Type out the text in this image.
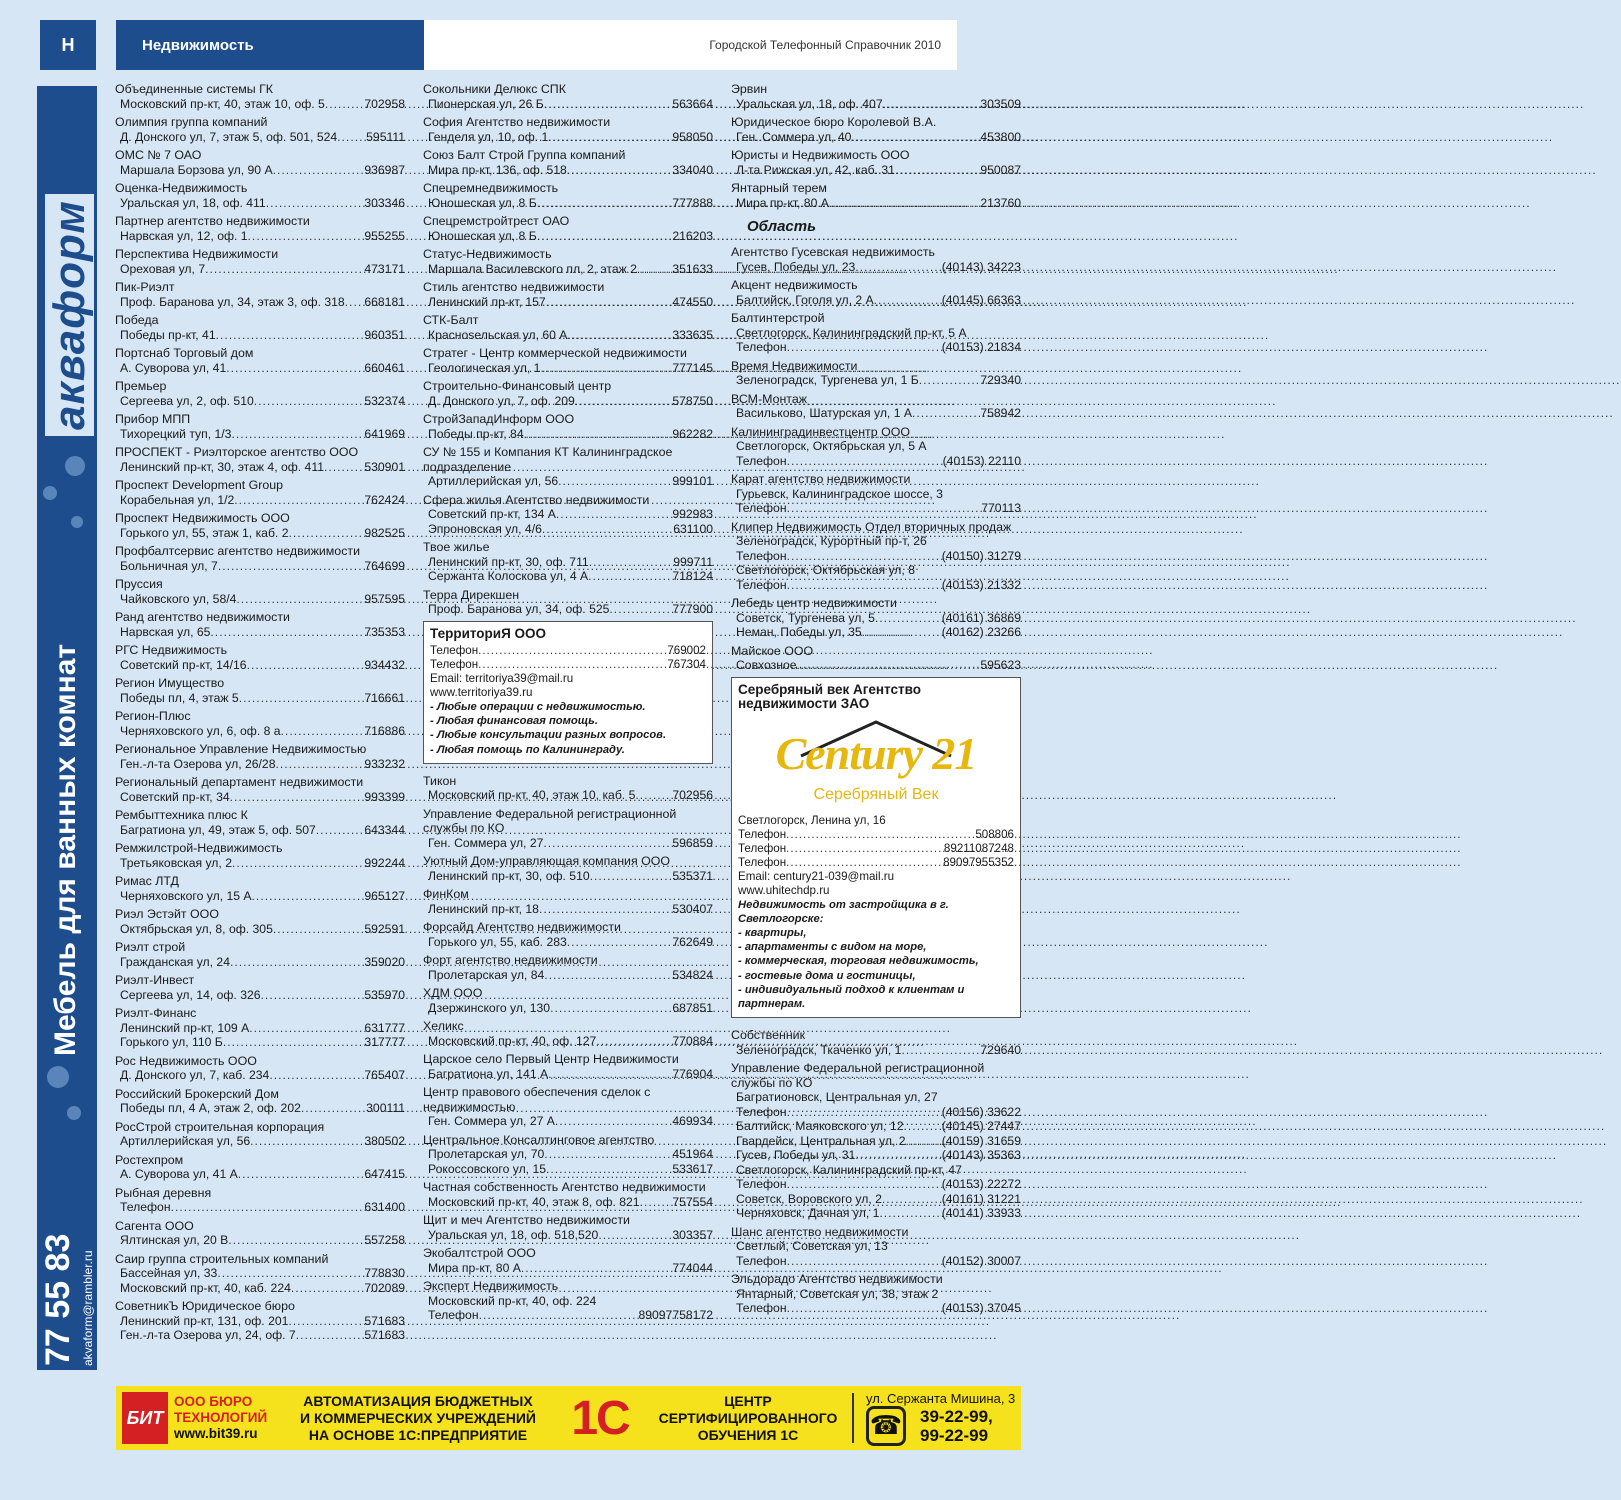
Н	Недвижимость	Городской Телефонный Справочник 2010
акваформ
Мебель для ванных комнат
77 55 83 akvaform@rambler.ru
Объединенные системы ГК
Московский пр-кт, 40, этаж 10, оф. 5 .....	702958
Олимпия группа компаний
Д. Донского ул, 7, этаж 5, оф. 501, 524 ..... 595111
ОМС № 7 ОАО
Маршала Борзова ул, 90 А .....	936987
Оценка-Недвижимость
Уральская ул, 18, оф. 411 .....	303346
Партнер агентство недвижимости
Нарвская ул, 12, оф. 1 .....	955255
Перспектива Недвижимости
Ореховая ул, 7 .....	473171
Пик-Риэлт
Проф. Баранова ул, 34, этаж 3, оф. 318 ..... 668181
Победа
Победы пр-кт, 41 .....	960351
Портснаб Торговый дом
А. Суворова ул, 41 .....	660461
Премьер
Сергеева ул, 2, оф. 510 .....	532374
Прибор МПП
Тихорецкий туп, 1/3 .....	641969
ПРОСПЕКТ - Риэлторское агентство ООО
Ленинский пр-кт, 30, этаж 4, оф. 411 .....	530901
Проспект Development Group
Корабельная ул, 1/2 .....	762424
Проспект Недвижимость ООО
Горького ул, 55, этаж 1, каб. 2 .....	982525
Профбалтсервис агентство недвижимости
Больничная ул, 7 .....	764699
Пруссия
Чайковского ул, 58/4 .....	957595
Ранд агентство недвижимости
Нарвская ул, 65 .....	735353
РГС Недвижимость
Советский пр-кт, 14/16 .....	934432
Регион Имущество
Победы пл, 4, этаж 5 .....	716661
Регион-Плюс
Черняховского ул, 6, оф. 8 а .....	716886
Региональное Управление Недвижимостью
Ген.-л-та Озерова ул, 26/28 .....	933232
Региональный департамент недвижимости
Советский пр-кт, 34 .....	993399
Рембыттехника плюс К
Багратиона ул, 49, этаж 5, оф. 507 .....	643344
Ремжилстрой-Недвижимость
Третьяковская ул, 2 .....	992244
Римас ЛТД
Черняховского ул, 15 А .....	965127
Риэл Эстэйт ООО
Октябрьская ул, 8, оф. 305 .....	592591
Риэлт строй
Гражданская ул, 24 .....	359020
Риэлт-Инвест
Сергеева ул, 14, оф. 326 .....	535970
Риэлт-Финанс
Ленинский пр-кт, 109 А .....	631777
Горького ул, 110 Б .....	317777
Рос Недвижимость ООО
Д. Донского ул, 7, каб. 234 .....	765407
Российский Брокерский Дом
Победы пл, 4 А, этаж 2, оф. 202 .....	300111
РосСтрой строительная корпорация
Артиллерийская ул, 56 .....	380502
Ростехпром
А. Суворова ул, 41 А .....	647415
Рыбная деревня
Телефон .....	631400
Сагента ООО
Ялтинская ул, 20 В .....	557258
Саир группа строительных компаний
Бассейная ул, 33 .....	778830
Московский пр-кт, 40, каб. 224 .....	702089
СоветникЪ Юридическое бюро
Ленинский пр-кт, 131, оф. 201 .....	571683
Ген.-л-та Озерова ул, 24, оф. 7 .....	571683
Сокольники Делюкс СПК
Пионерская ул, 26 Б .....	563664
София Агентство недвижимости
Генделя ул, 10, оф. 1 .....	958050
Союз Балт Строй Группа компаний
Мира пр-кт, 136, оф. 518 .....	334040
Спецремнедвижимость
Юношеская ул, 8 Б .....	777888
Спецремстройтрест ОАО
Юношеская ул, 8 Б .....	216203
Статус-Недвижимость
Маршала Василевского пл, 2, этаж 2 .....	351633
Стиль агентство недвижимости
Ленинский пр-кт, 157 .....	474550
СТК-Балт
Краснosельская ул, 60 А .....	333635
Стратег - Центр коммерческой недвижимости
Геологическая ул, 1 .....	777145
Строительно-Финансовый центр
Д. Донского ул, 7, оф. 209 .....	578750
СтройЗападИнформ ООО
Победы пр-кт, 84 .....	962282
СУ № 155 и Компания КТ Калининградское подразделение
Артиллерийская ул, 56 .....	999101
Сфера жилья Агентство недвижимости
Советский пр-кт, 134 А .....	992983
Эпроновская ул, 4/6 .....	631100
Твое жилье
Ленинский пр-кт, 30, оф. 711 .....	999711
Сержанта Колоскова ул, 4 А .....	718124
Терра Дирекшен
Проф. Баранова ул, 34, оф. 525 .....	777900
ТерриториЯ ООО
Телефон .....	769002
Телефон .....	767304
Email: territoriya39@mail.ru
www.territoriya39.ru
- Любые операции с недвижимостью.
- Любая финансовая помощь.
- Любые консультации разных вопросов.
- Любая помощь по Калининграду.
Тикон
Московский пр-кт, 40, этаж 10, каб. 5 .....	702956
Управление Федеральной регистрационной службы по КО
Ген. Соммера ул, 27 .....	596859
Уютный Дом-управляющая компания ООО
Ленинский пр-кт, 30, оф. 510 .....	535371
ФинКом
Ленинский пр-кт, 18 .....	530407
Форсайд Агентство недвижимости
Горького ул, 55, каб. 283 .....	762649
Форт агентство недвижимости
Пролетарская ул, 84 .....	534824
ХДМ ООО
Дзержинского ул, 130 .....	687851
Хеликс
Московский пр-кт, 40, оф. 127 .....	770884
Царское село Первый Центр Недвижимости
Багратиона ул, 141 А .....	776904
Центр правового обеспечения сделок с недвижимостью
Ген. Соммера ул, 27 А .....	469934
Центральное Консалтинговое агентство
Пролетарская ул, 70 .....	451964
Рокоссовского ул, 15 .....	533617
Частная собственность Агентство недвижимости
Московский пр-кт, 40, этаж 8, оф. 821 .....	757554
Щит и меч Агентство недвижимости
Уральская ул, 18, оф. 518,520 .....	303357
Экобалтстрой ООО
Мира пр-кт, 80 А .....	774044
Эксперт Недвижимость
Московский пр-кт, 40, оф. 224
Телефон .....	89097758172
Эрвин
Уральская ул, 18, оф. 407 .....	303509
Юридическое бюро Королевой В.А.
Ген. Соммера ул, 40 .....	453800
Юристы и Недвижимость ООО
Л-та Рижская ул, 42, каб. 31 .....	950087
Янтарный терем
Мира пр-кт, 80 А .....	213760
Область
Агентство Гусевская недвижимость
Гусев, Победы ул, 23 .....	(40143) 34223
Акцент недвижимость
Балтийск, Гоголя ул, 2 А .....	(40145) 66363
Балтинтерстрой
Светлогорск, Калининградский пр-кт, 5 А
Телефон .....	(40153) 21834
Время Недвижимости
Зеленоградск, Тургенева ул, 1 Б .....	729340
ВСМ-Монтаж
Васильково, Шатурская ул, 1 А .....	758942
Калининградинвестцентр ООО
Светлогорск, Октябрьская ул, 5 А
Телефон .....	(40153) 22110
Карат агентство недвижимости
Гурьевск, Калининградское шоссе, 3
Телефон .....	770113
Клипер Недвижимость Отдел вторичных продаж
Зеленоградск, Курортный пр-т, 26
Телефон .....	(40150) 31279
Светлогорск, Октябрьская ул, 8
Телефон .....	(40153) 21332
Лебедь центр недвижимости
Советск, Тургенева ул, 5 .....	(40161) 36869
Неман, Победы ул, 35 .....	(40162) 23266
Майское ООО
Совхозное .....	595623
Серебряный век Агентство недвижимости ЗАО
Century 21
Серебряный Век
Светлогорск, Ленина ул, 16
Телефон .....	508806
Телефон .....	89211087248
Телефон .....	89097955352
Email: century21-039@mail.ru
www.uhitechdp.ru
Недвижимость от застройщика в г. Светлогорске:
- квартиры,
- апартаменты с видом на море,
- коммерческая, торговая недвижимость,
- гостевые дома и гостиницы,
- индивидуальный подход к клиентам и партнерам.
Собственник
Зеленоградск, Ткаченко ул, 1 .....	729640
Управление Федеральной регистрационной службы по КО
Багратионовск, Центральная ул, 27
Телефон .....	(40156) 33622
Балтийск, Маяковского ул, 12 .....	(40145) 27447
Гвардейск, Центральная ул, 2 .....	(40159) 31659
Гусев, Победы ул, 31 .....	(40143) 35363
Светлогорск, Калининградский пр-кт, 47
Телефон .....	(40153) 22272
Советск, Воровского ул, 2 .....	(40161) 31221
Черняховск, Дачная ул, 1 .....	(40141) 33933
Шанс агентство недвижимости
Светлый, Советская ул, 13
Телефон .....	(40152) 30007
Эльдорадо Агентство недвижимости
Янтарный, Советская ул, 38, этаж 2
Телефон .....	(40153) 37045
БИТ
ООО БЮРО
ТЕХНОЛОГИЙ
www.bit39.ru
АВТОМАТИЗАЦИЯ БЮДЖЕТНЫХ
И КОММЕРЧЕСКИХ УЧРЕЖДЕНИЙ
НА ОСНОВЕ 1С:ПРЕДПРИЯТИЕ 1С	ЦЕНТР
СЕРТИФИЦИРОВАННОГО
ОБУЧЕНИЯ 1С
ул. Сержанта Мишина, 3
☎ 39-22-99,
99-22-99
